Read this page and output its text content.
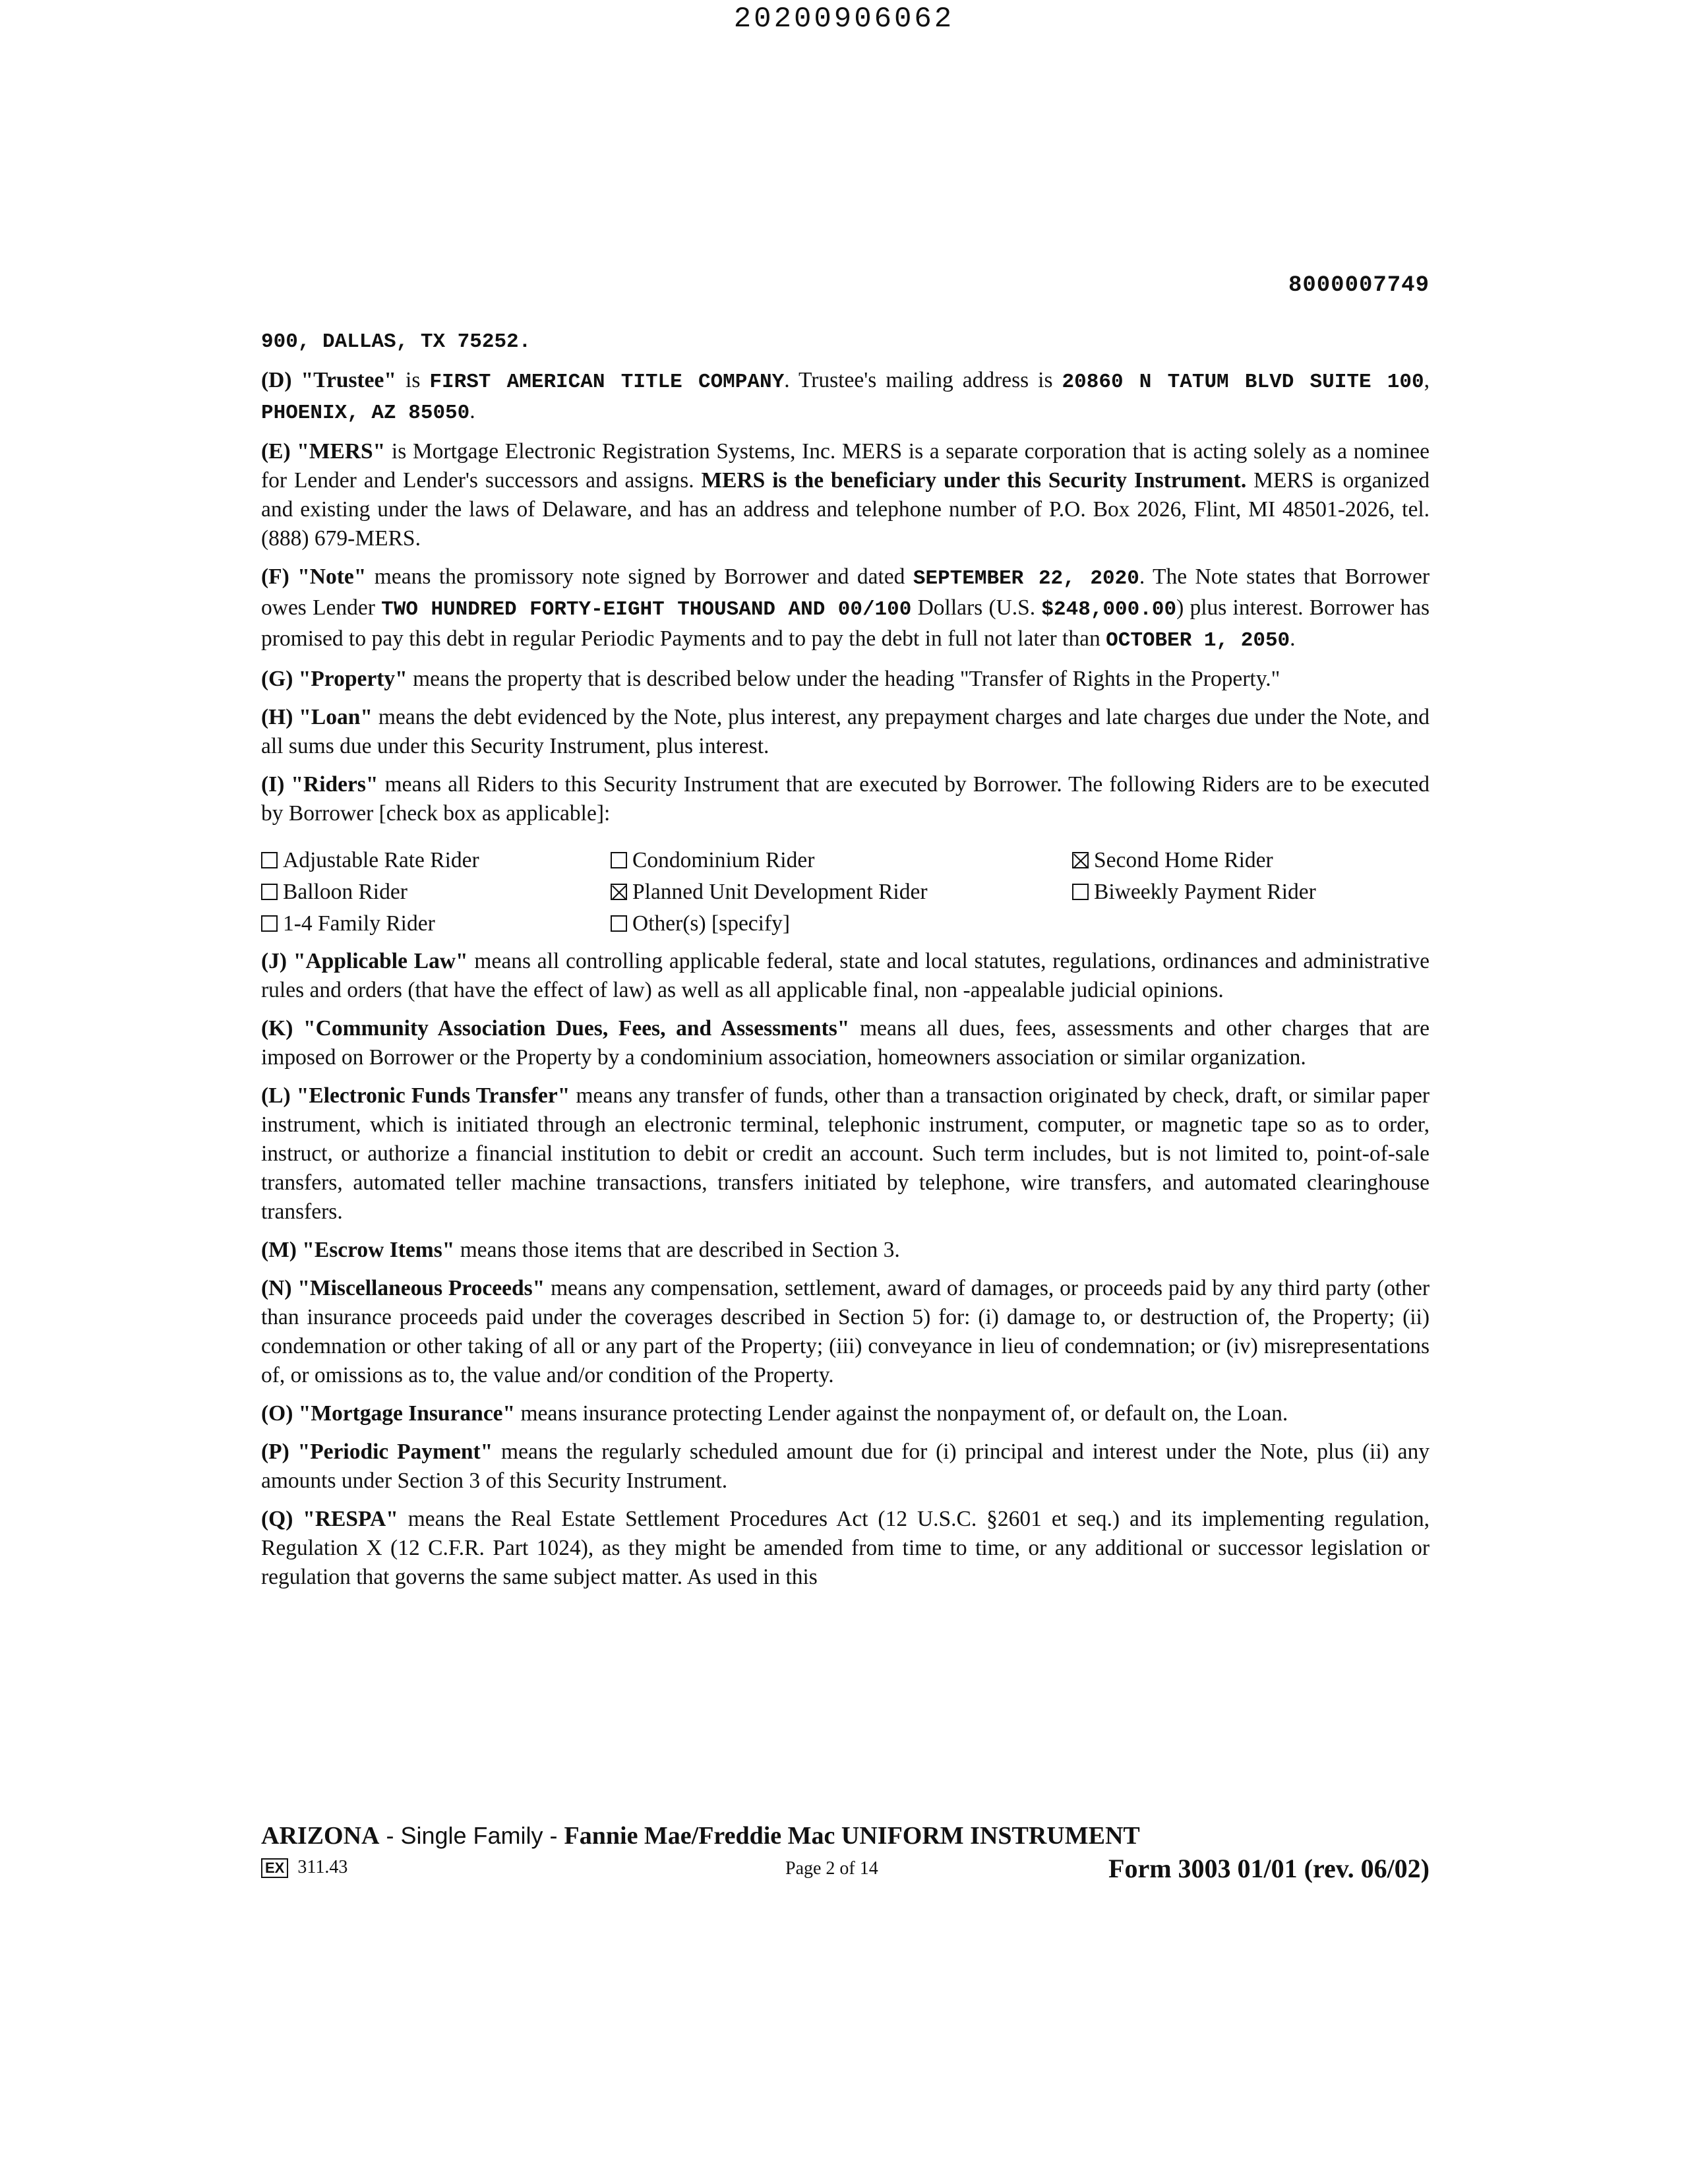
20200906062
8000007749

900, DALLAS, TX 75252.

(D) "Trustee" is FIRST AMERICAN TITLE COMPANY. Trustee's mailing address is 20860 N TATUM BLVD SUITE 100, PHOENIX, AZ 85050.

(E) "MERS" is Mortgage Electronic Registration Systems, Inc. MERS is a separate corporation that is acting solely as a nominee for Lender and Lender's successors and assigns. MERS is the beneficiary under this Security Instrument. MERS is organized and existing under the laws of Delaware, and has an address and telephone number of P.O. Box 2026, Flint, MI 48501-2026, tel. (888) 679-MERS.

(F) "Note" means the promissory note signed by Borrower and dated SEPTEMBER 22, 2020. The Note states that Borrower owes Lender TWO HUNDRED FORTY-EIGHT THOUSAND AND 00/100 Dollars (U.S. $248,000.00) plus interest. Borrower has promised to pay this debt in regular Periodic Payments and to pay the debt in full not later than OCTOBER 1, 2050.

(G) "Property" means the property that is described below under the heading "Transfer of Rights in the Property."

(H) "Loan" means the debt evidenced by the Note, plus interest, any prepayment charges and late charges due under the Note, and all sums due under this Security Instrument, plus interest.

(I) "Riders" means all Riders to this Security Instrument that are executed by Borrower. The following Riders are to be executed by Borrower [check box as applicable]:

Adjustable Rate Rider	Condominium Rider	Second Home Rider
Balloon Rider	Planned Unit Development Rider	Biweekly Payment Rider
1-4 Family Rider	Other(s) [specify]

(J) "Applicable Law" means all controlling applicable federal, state and local statutes, regulations, ordinances and administrative rules and orders (that have the effect of law) as well as all applicable final, non -appealable judicial opinions.

(K) "Community Association Dues, Fees, and Assessments" means all dues, fees, assessments and other charges that are imposed on Borrower or the Property by a condominium association, homeowners association or similar organization.

(L) "Electronic Funds Transfer" means any transfer of funds, other than a transaction originated by check, draft, or similar paper instrument, which is initiated through an electronic terminal, telephonic instrument, computer, or magnetic tape so as to order, instruct, or authorize a financial institution to debit or credit an account. Such term includes, but is not limited to, point-of-sale transfers, automated teller machine transactions, transfers initiated by telephone, wire transfers, and automated clearinghouse transfers.

(M) "Escrow Items" means those items that are described in Section 3.

(N) "Miscellaneous Proceeds" means any compensation, settlement, award of damages, or proceeds paid by any third party (other than insurance proceeds paid under the coverages described in Section 5) for: (i) damage to, or destruction of, the Property; (ii) condemnation or other taking of all or any part of the Property; (iii) conveyance in lieu of condemnation; or (iv) misrepresentations of, or omissions as to, the value and/or condition of the Property.

(O) "Mortgage Insurance" means insurance protecting Lender against the nonpayment of, or default on, the Loan.

(P) "Periodic Payment" means the regularly scheduled amount due for (i) principal and interest under the Note, plus (ii) any amounts under Section 3 of this Security Instrument.

(Q) "RESPA" means the Real Estate Settlement Procedures Act (12 U.S.C. §2601 et seq.) and its implementing regulation, Regulation X (12 C.F.R. Part 1024), as they might be amended from time to time, or any additional or successor legislation or regulation that governs the same subject matter. As used in this

ARIZONA - Single Family - Fannie Mae/Freddie Mac UNIFORM INSTRUMENT
EX 311.43	Page 2 of 14	Form 3003 01/01 (rev. 06/02)
